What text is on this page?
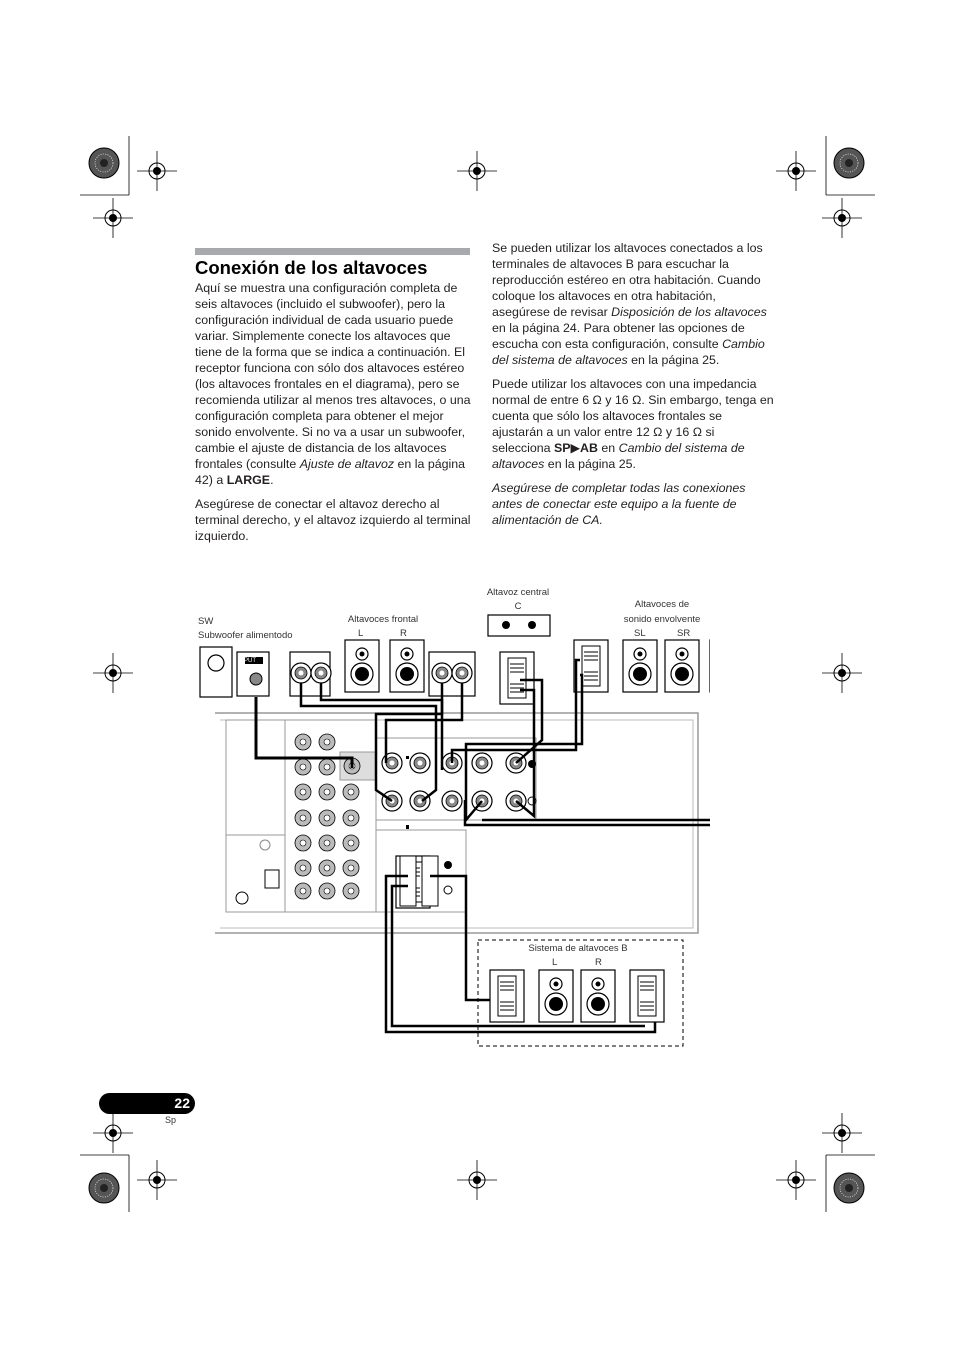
Conexión de los altavoces

Aquí se muestra una configuración completa de seis altavoces (incluido el subwoofer), pero la configuración individual de cada usuario puede variar. Simplemente conecte los altavoces que tiene de la forma que se indica a continuación. El receptor funciona con sólo dos altavoces estéreo (los altavoces frontales en el diagrama), pero se recomienda utilizar al menos tres altavoces, o una configuración completa para obtener el mejor sonido envolvente. Si no va a usar un subwoofer, cambie el ajuste de distancia de los altavoces frontales (consulte Ajuste de altavoz en la página 42) a LARGE.

Asegúrese de conectar el altavoz derecho al terminal derecho, y el altavoz izquierdo al terminal izquierdo.

Se pueden utilizar los altavoces conectados a los terminales de altavoces B para escuchar la reproducción estéreo en otra habitación. Cuando coloque los altavoces en otra habitación, asegúrese de revisar Disposición de los altavoces en la página 24. Para obtener las opciones de escucha con esta configuración, consulte Cambio del sistema de altavoces en la página 25.

Puede utilizar los altavoces con una impedancia normal de entre 6 Ω y 16 Ω. Sin embargo, tenga en cuenta que sólo los altavoces frontales se ajustarán a un valor entre 12 Ω y 16 Ω si selecciona SP▶AB en Cambio del sistema de altavoces en la página 25.

Asegúrese de completar todas las conexiones antes de conectar este equipo a la fuente de alimentación de CA.

SW
Subwoofer alimentodo
INPUT
Altavoces frontal
L	R
Altavoz central
C	Altavoces de
sonido envolvente
SL	SR
Sistema de altavoces B
L	R
22
Sp
